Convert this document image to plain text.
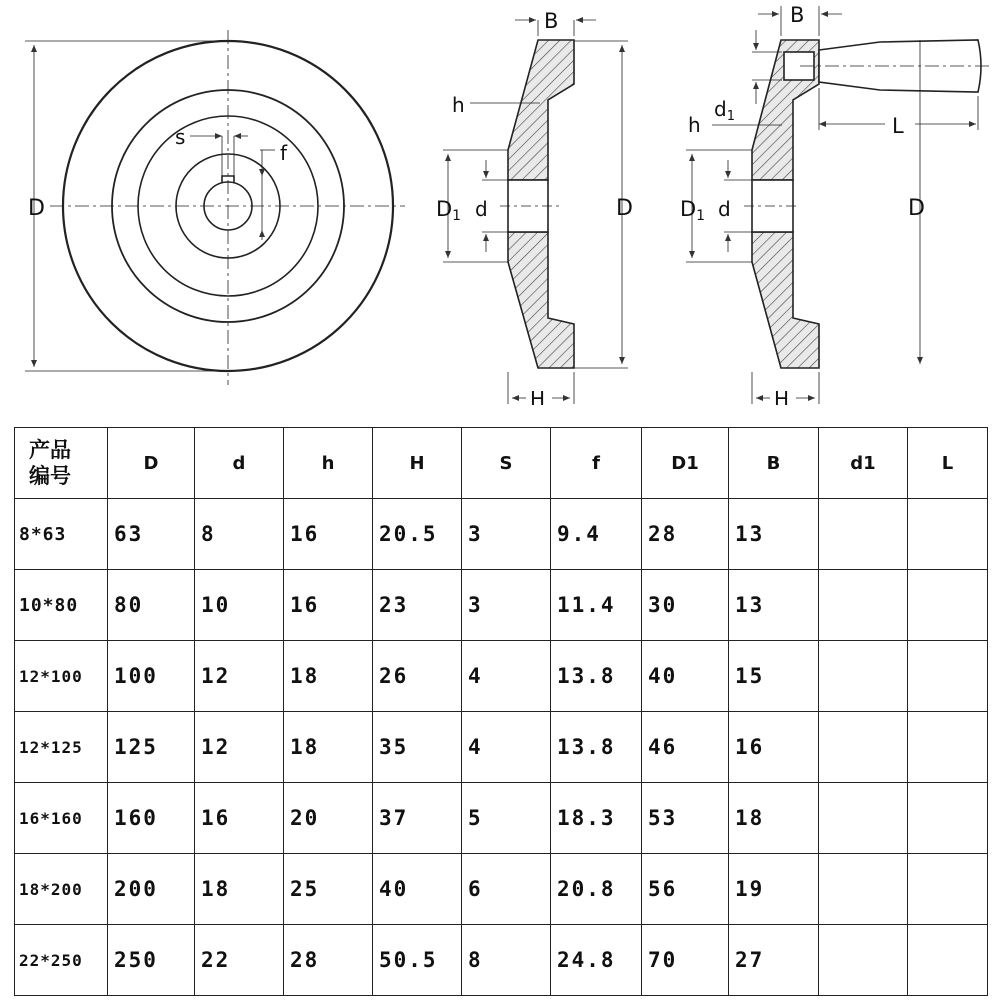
D
s
f
B
h
D1 d	D
H
B
$d_1$
h	L
D1 d	D
H
产品
编号	D	d	h	H	S	f	D1	B	d1	L
8*63	63	8	16	20.5	3	9.4	28	13		
10*80	80	10	16	23	3	11.4	30	13		
12*100	100	12	18	26	4	13.8	40	15		
12*125	125	12	18	35	4	13.8	46	16		
16*160	160	16	20	37	5	18.3	53	18		
18*200	200	18	25	40	6	20.8	56	19		
22*250	250	22	28	50.5	8	24.8	70	27		
